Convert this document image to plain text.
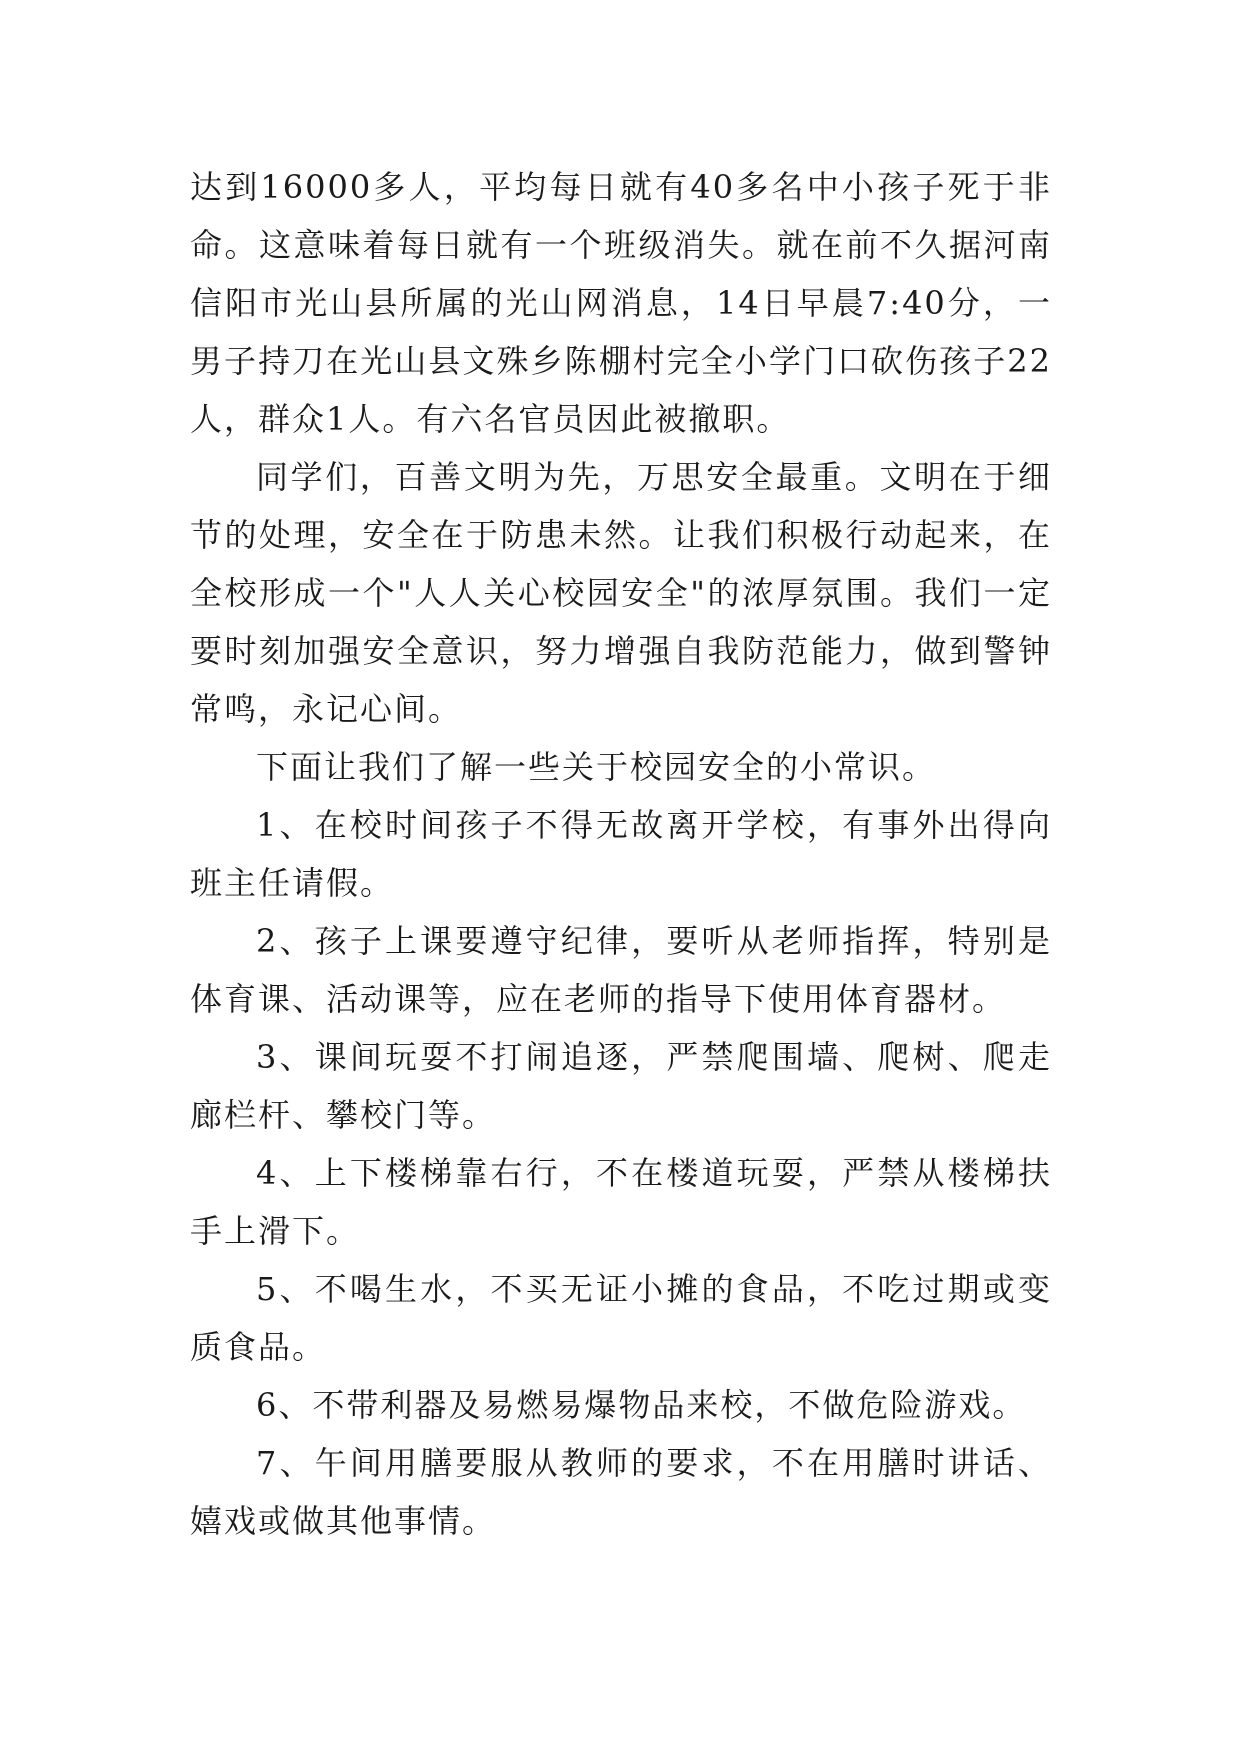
达到16000多人，平均每日就有40多名中小孩子死于非命。这意味着每日就有一个班级消失。就在前不久据河南信阳市光山县所属的光山网消息，14日早晨7:40分，一男子持刀在光山县文殊乡陈棚村完全小学门口砍伤孩子22人，群众1人。有六名官员因此被撤职。

同学们，百善文明为先，万思安全最重。文明在于细节的处理，安全在于防患未然。让我们积极行动起来，在全校形成一个"人人关心校园安全"的浓厚氛围。我们一定要时刻加强安全意识，努力增强自我防范能力，做到警钟常鸣，永记心间。

下面让我们了解一些关于校园安全的小常识。

1、在校时间孩子不得无故离开学校，有事外出得向班主任请假。

2、孩子上课要遵守纪律，要听从老师指挥，特别是体育课、活动课等，应在老师的指导下使用体育器材。

3、课间玩耍不打闹追逐，严禁爬围墙、爬树、爬走廊栏杆、攀校门等。

4、上下楼梯靠右行，不在楼道玩耍，严禁从楼梯扶手上滑下。

5、不喝生水，不买无证小摊的食品，不吃过期或变质食品。

6、不带利器及易燃易爆物品来校，不做危险游戏。

7、午间用膳要服从教师的要求，不在用膳时讲话、嬉戏或做其他事情。
